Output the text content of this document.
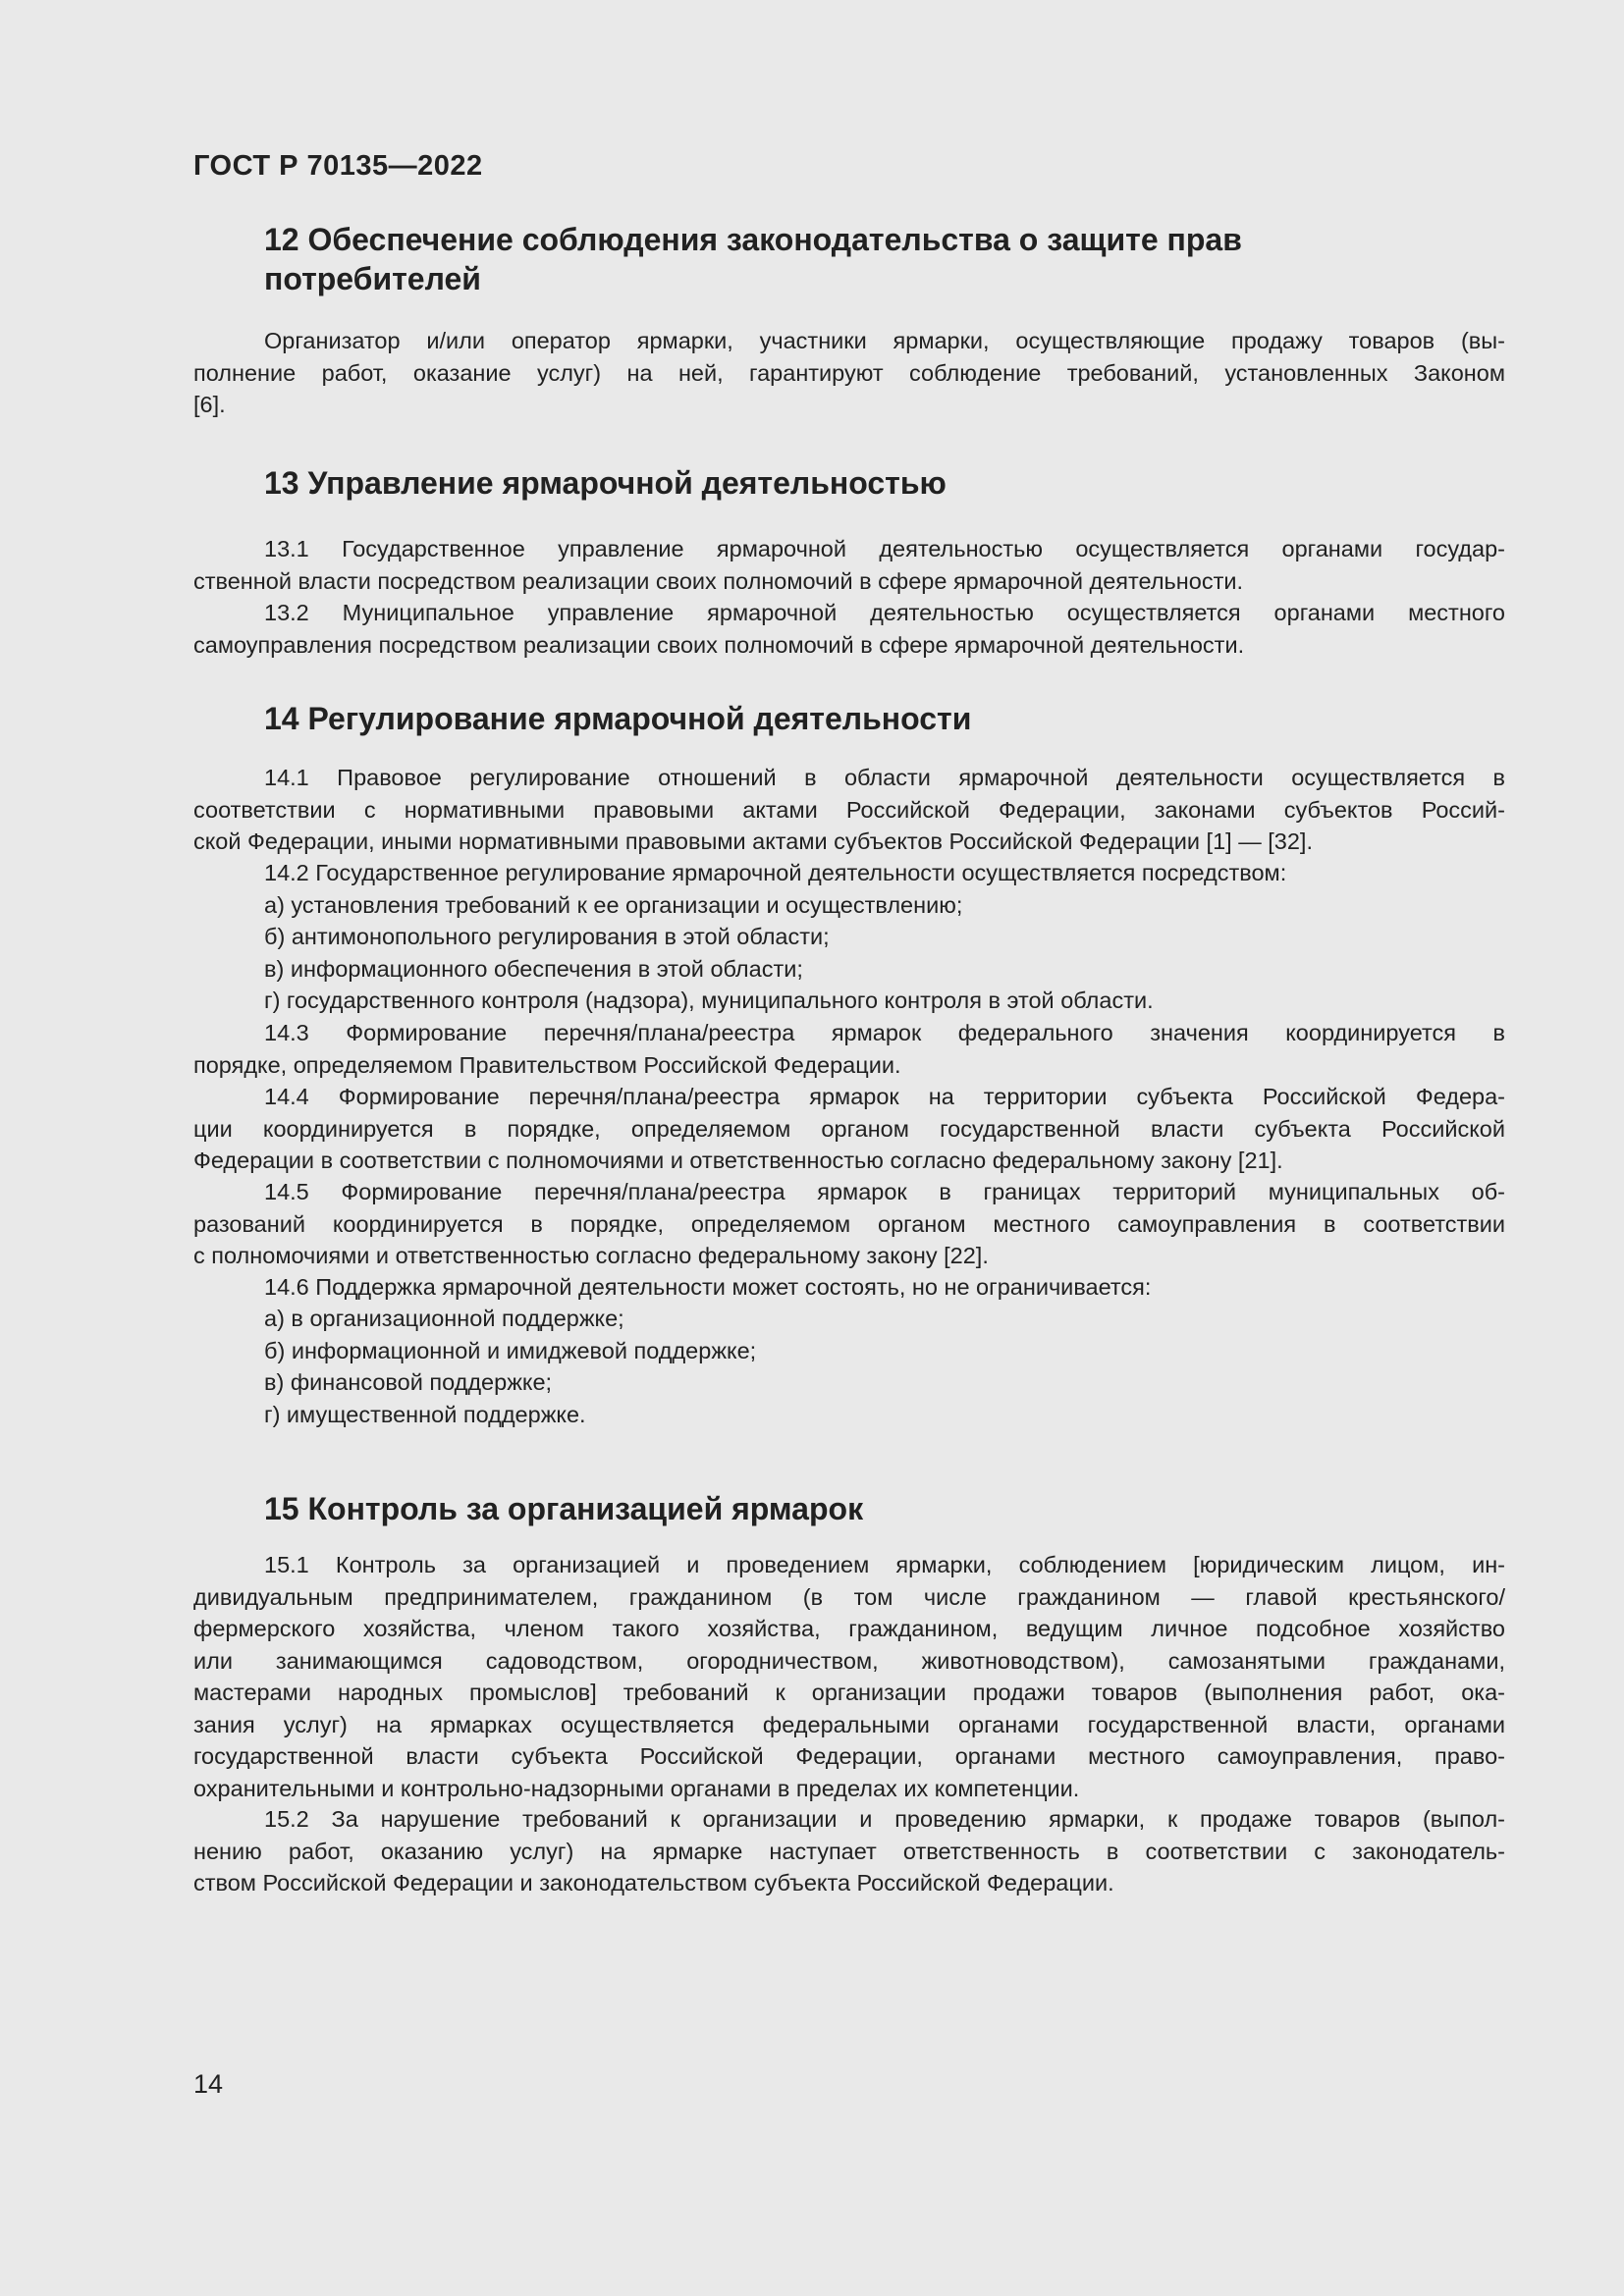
ГОСТ Р 70135—2022
12 Обеспечение соблюдения законодательства о защите прав
потребителей
Организатор и/или оператор ярмарки, участники ярмарки, осуществляющие продажу товаров (вы-
полнение работ, оказание услуг) на ней, гарантируют соблюдение требований, установленных Законом
[6].
13 Управление ярмарочной деятельностью
13.1 Государственное управление ярмарочной деятельностью осуществляется органами государ-
ственной власти посредством реализации своих полномочий в сфере ярмарочной деятельности.
13.2 Муниципальное управление ярмарочной деятельностью осуществляется органами местного
самоуправления посредством реализации своих полномочий в сфере ярмарочной деятельности.
14 Регулирование ярмарочной деятельности
14.1 Правовое регулирование отношений в области ярмарочной деятельности осуществляется в
соответствии с нормативными правовыми актами Российской Федерации, законами субъектов Россий-
ской Федерации, иными нормативными правовыми актами субъектов Российской Федерации [1] — [32].
14.2 Государственное регулирование ярмарочной деятельности осуществляется посредством:
а) установления требований к ее организации и осуществлению;
б) антимонопольного регулирования в этой области;
в) информационного обеспечения в этой области;
г) государственного контроля (надзора), муниципального контроля в этой области.
14.3 Формирование перечня/плана/реестра ярмарок федерального значения координируется в
порядке, определяемом Правительством Российской Федерации.
14.4 Формирование перечня/плана/реестра ярмарок на территории субъекта Российской Федера-
ции координируется в порядке, определяемом органом государственной власти субъекта Российской
Федерации в соответствии с полномочиями и ответственностью согласно федеральному закону [21].
14.5 Формирование перечня/плана/реестра ярмарок в границах территорий муниципальных об-
разований координируется в порядке, определяемом органом местного самоуправления в соответствии
с полномочиями и ответственностью согласно федеральному закону [22].
14.6 Поддержка ярмарочной деятельности может состоять, но не ограничивается:
а) в организационной поддержке;
б) информационной и имиджевой поддержке;
в) финансовой поддержке;
г) имущественной поддержке.
15 Контроль за организацией ярмарок
15.1 Контроль за организацией и проведением ярмарки, соблюдением [юридическим лицом, ин-
дивидуальным предпринимателем, гражданином (в том числе гражданином — главой крестьянского/
фермерского хозяйства, членом такого хозяйства, гражданином, ведущим личное подсобное хозяйство
или занимающимся садоводством, огородничеством, животноводством), самозанятыми гражданами,
мастерами народных промыслов] требований к организации продажи товаров (выполнения работ, ока-
зания услуг) на ярмарках осуществляется федеральными органами государственной власти, органами
государственной власти субъекта Российской Федерации, органами местного самоуправления, право-
охранительными и контрольно-надзорными органами в пределах их компетенции.
15.2 За нарушение требований к организации и проведению ярмарки, к продаже товаров (выпол-
нению работ, оказанию услуг) на ярмарке наступает ответственность в соответствии с законодатель-
ством Российской Федерации и законодательством субъекта Российской Федерации.
14
